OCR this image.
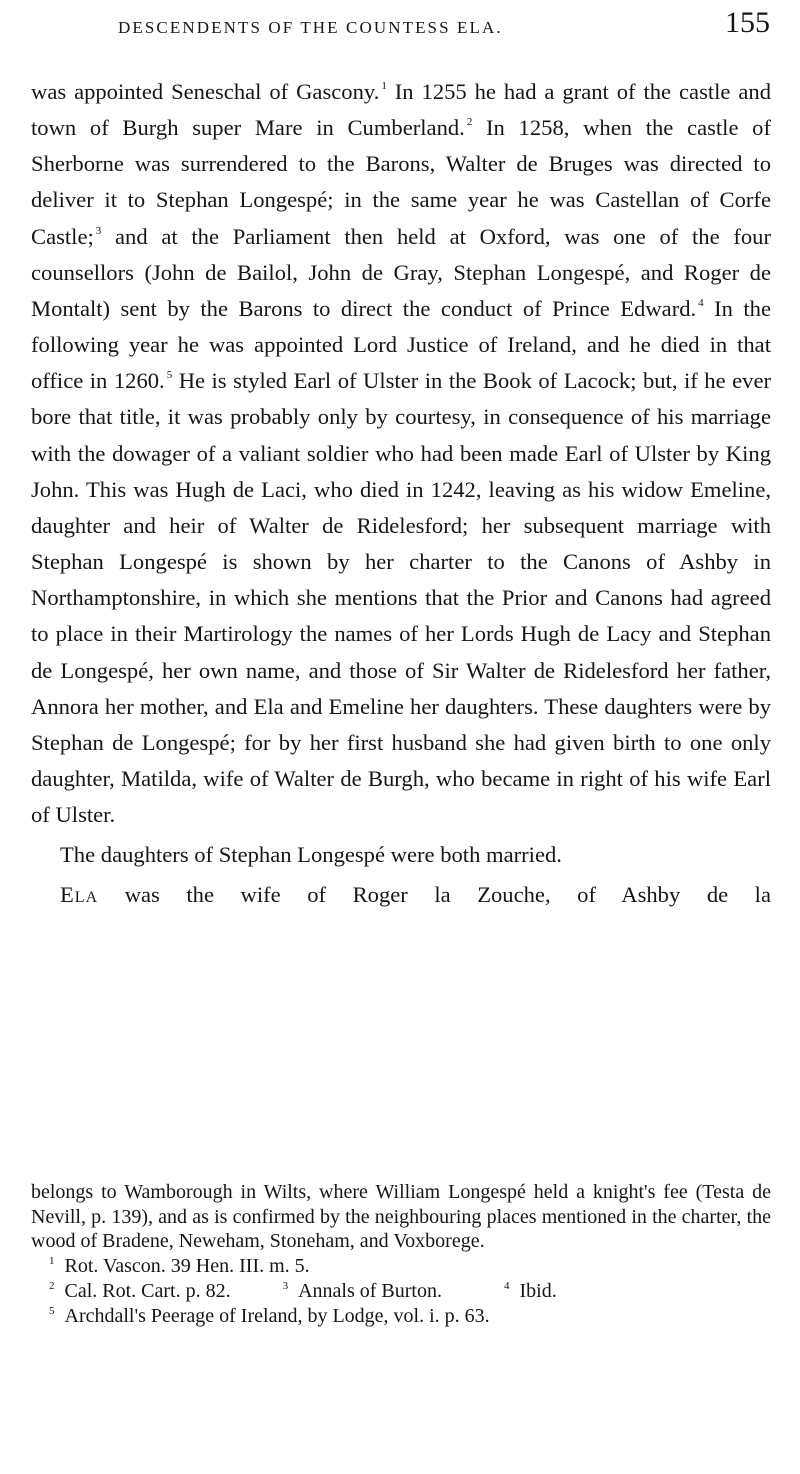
DESCENDENTS OF THE COUNTESS ELA.	155

was appointed Seneschal of Gascony. $^1$ In 1255 he had a grant of the castle and town of Burgh super Mare in Cumberland. $^2$ In 1258, when the castle of Sherborne was surrendered to the Barons, Walter de Bruges was directed to deliver it to Stephan Longespé; in the same year he was Castellan of Corfe Castle; $^3$ and at the Parliament then held at Oxford, was one of the four counsellors (John de Bailol, John de Gray, Stephan Longespé, and Roger de Montalt) sent by the Barons to direct the conduct of Prince Edward. $^4$ In the following year he was appointed Lord Justice of Ireland, and he died in that office in 1260. $^5$ He is styled Earl of Ulster in the Book of Lacock; but, if he ever bore that title, it was probably only by courtesy, in consequence of his marriage with the dowager of a valiant soldier who had been made Earl of Ulster by King John. This was Hugh de Laci, who died in 1242, leaving as his widow Emeline, daughter and heir of Walter de Ridelesford; her subsequent marriage with Stephan Longespé is shown by her charter to the Canons of Ashby in Northamptonshire, in which she mentions that the Prior and Canons had agreed to place in their Martirology the names of her Lords Hugh de Lacy and Stephan de Longespé, her own name, and those of Sir Walter de Ridelesford her father, Annora her mother, and Ela and Emeline her daughters. These daughters were by Stephan de Longespé; for by her first husband she had given birth to one only daughter, Matilda, wife of Walter de Burgh, who became in right of his wife Earl of Ulster.

The daughters of Stephan Longespé were both married.

Ela was the wife of Roger la Zouche, of Ashby de la

belongs to Wamborough in Wilts, where William Longespé held a knight's fee (Testa de Nevill, p. 139), and as is confirmed by the neighbouring places mentioned in the charter, the wood of Bradene, Neweham, Stoneham, and Voxborege.

$^1$ Rot. Vascon. 39 Hen. III. m. 5.

$^2$ Cal. Rot. Cart. p. 82.	$^3$ Annals of Burton.	$^4$ Ibid.

$^5$ Archdall's Peerage of Ireland, by Lodge, vol. i. p. 63.
